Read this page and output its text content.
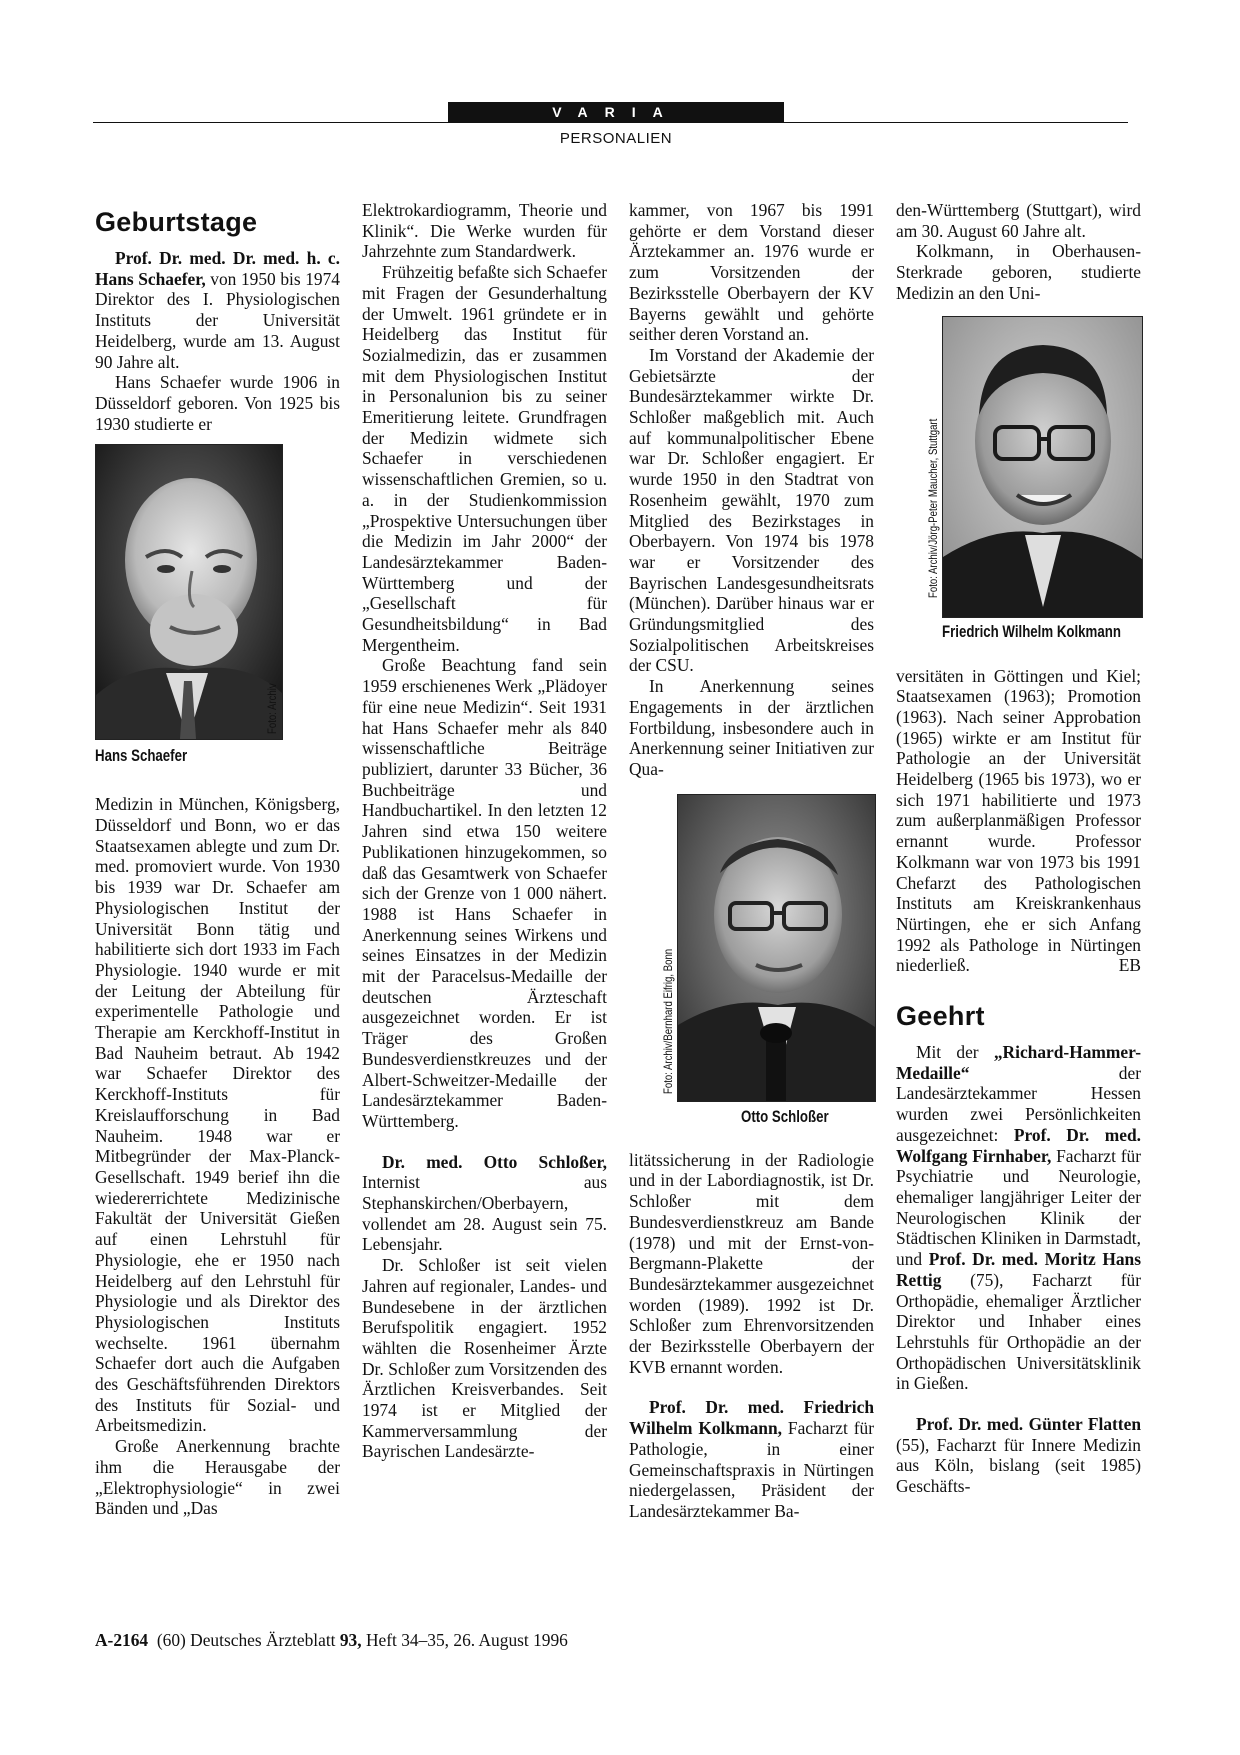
VARIA
PERSONALIEN
Geburtstage

Prof. Dr. med. Dr. med. h. c. Hans Schaefer, von 1950 bis 1974 Direktor des I. Physiologischen Instituts der Universität Heidelberg, wurde am 13. August 90 Jahre alt.

Hans Schaefer wurde 1906 in Düsseldorf geboren. Von 1925 bis 1930 studierte er

Foto: Archiv
Hans Schaefer

Medizin in München, Königsberg, Düsseldorf und Bonn, wo er das Staatsexamen ablegte und zum Dr. med. promoviert wurde. Von 1930 bis 1939 war Dr. Schaefer am Physiologischen Institut der Universität Bonn tätig und habilitierte sich dort 1933 im Fach Physiologie. 1940 wurde er mit der Leitung der Abteilung für experimentelle Pathologie und Therapie am Kerckhoff-Institut in Bad Nauheim betraut. Ab 1942 war Schaefer Direktor des Kerckhoff-Instituts für Kreislaufforschung in Bad Nauheim. 1948 war er Mitbegründer der Max-Planck-Gesellschaft. 1949 berief ihn die wiedererrichtete Medizinische Fakultät der Universität Gießen auf einen Lehrstuhl für Physiologie, ehe er 1950 nach Heidelberg auf den Lehrstuhl für Physiologie und als Direktor des Physiologischen Instituts wechselte. 1961 übernahm Schaefer dort auch die Aufgaben des Geschäftsführenden Direktors des Instituts für Sozial- und Arbeitsmedizin.

Große Anerkennung brachte ihm die Herausgabe der „Elektrophysiologie“ in zwei Bänden und „Das

Elektrokardiogramm, Theorie und Klinik“. Die Werke wurden für Jahrzehnte zum Standardwerk.

Frühzeitig befaßte sich Schaefer mit Fragen der Gesunderhaltung der Umwelt. 1961 gründete er in Heidelberg das Institut für Sozialmedizin, das er zusammen mit dem Physiologischen Institut in Personalunion bis zu seiner Emeritierung leitete. Grundfragen der Medizin widmete sich Schaefer in verschiedenen wissenschaftlichen Gremien, so u. a. in der Studienkommission „Prospektive Untersuchungen über die Medizin im Jahr 2000“ der Landesärztekammer Baden-Württemberg und der „Gesellschaft für Gesundheitsbildung“ in Bad Mergentheim.

Große Beachtung fand sein 1959 erschienenes Werk „Plädoyer für eine neue Medizin“. Seit 1931 hat Hans Schaefer mehr als 840 wissenschaftliche Beiträge publiziert, darunter 33 Bücher, 36 Buchbeiträge und Handbuchartikel. In den letzten 12 Jahren sind etwa 150 weitere Publikationen hinzugekommen, so daß das Gesamtwerk von Schaefer sich der Grenze von 1 000 nähert. 1988 ist Hans Schaefer in Anerkennung seines Wirkens und seines Einsatzes in der Medizin mit der Paracelsus-Medaille der deutschen Ärzteschaft ausgezeichnet worden. Er ist Träger des Großen Bundesverdienstkreuzes und der Albert-Schweitzer-Medaille der Landesärztekammer Baden-Württemberg.

Dr. med. Otto Schloßer, Internist aus Stephanskirchen/Oberbayern, vollendet am 28. August sein 75. Lebensjahr.

Dr. Schloßer ist seit vielen Jahren auf regionaler, Landes- und Bundesebene in der ärztlichen Berufspolitik engagiert. 1952 wählten die Rosenheimer Ärzte Dr. Schloßer zum Vorsitzenden des Ärztlichen Kreisverbandes. Seit 1974 ist er Mitglied der Kammerversammlung der Bayrischen Landesärzte-

kammer, von 1967 bis 1991 gehörte er dem Vorstand dieser Ärztekammer an. 1976 wurde er zum Vorsitzenden der Bezirksstelle Oberbayern der KV Bayerns gewählt und gehörte seither deren Vorstand an.

Im Vorstand der Akademie der Gebietsärzte der Bundesärztekammer wirkte Dr. Schloßer maßgeblich mit. Auch auf kommunalpolitischer Ebene war Dr. Schloßer engagiert. Er wurde 1950 in den Stadtrat von Rosenheim gewählt, 1970 zum Mitglied des Bezirkstages in Oberbayern. Von 1974 bis 1978 war er Vorsitzender des Bayrischen Landesgesundheitsrats (München). Darüber hinaus war er Gründungsmitglied des Sozialpolitischen Arbeitskreises der CSU.

In Anerkennung seines Engagements in der ärztlichen Fortbildung, insbesondere auch in Anerkennung seiner Initiativen zur Qua-

Foto: Archiv/Bernhard Eifrig, Bonn
Otto Schloßer

litätssicherung in der Radiologie und in der Labordiagnostik, ist Dr. Schloßer mit dem Bundesverdienstkreuz am Bande (1978) und mit der Ernst-von-Bergmann-Plakette der Bundesärztekammer ausgezeichnet worden (1989). 1992 ist Dr. Schloßer zum Ehrenvorsitzenden der Bezirksstelle Oberbayern der KVB ernannt worden.

Prof. Dr. med. Friedrich Wilhelm Kolkmann, Facharzt für Pathologie, in einer Gemeinschaftspraxis in Nürtingen niedergelassen, Präsident der Landesärztekammer Ba-

den-Württemberg (Stuttgart), wird am 30. August 60 Jahre alt.

Kolkmann, in Oberhausen-Sterkrade geboren, studierte Medizin an den Uni-

Foto: Archiv/Jörg-Peter Maucher, Stuttgart
Friedrich Wilhelm Kolkmann

versitäten in Göttingen und Kiel; Staatsexamen (1963); Promotion (1963). Nach seiner Approbation (1965) wirkte er am Institut für Pathologie an der Universität Heidelberg (1965 bis 1973), wo er sich 1971 habilitierte und 1973 zum außerplanmäßigen Professor ernannt wurde. Professor Kolkmann war von 1973 bis 1991 Chefarzt des Pathologischen Instituts am Kreiskrankenhaus Nürtingen, ehe er sich Anfang 1992 als Pathologe in Nürtingen niederließ.	EB

Geehrt

Mit der „Richard-Hammer-Medaille“ der Landesärztekammer Hessen wurden zwei Persönlichkeiten ausgezeichnet: Prof. Dr. med. Wolfgang Firnhaber, Facharzt für Psychiatrie und Neurologie, ehemaliger langjähriger Leiter der Neurologischen Klinik der Städtischen Kliniken in Darmstadt, und Prof. Dr. med. Moritz Hans Rettig (75), Facharzt für Orthopädie, ehemaliger Ärztlicher Direktor und Inhaber eines Lehrstuhls für Orthopädie an der Orthopädischen Universitätsklinik in Gießen.

Prof. Dr. med. Günter Flatten (55), Facharzt für Innere Medizin aus Köln, bislang (seit 1985) Geschäfts-

A-2164  (60) Deutsches Ärzteblatt 93, Heft 34–35, 26. August 1996
